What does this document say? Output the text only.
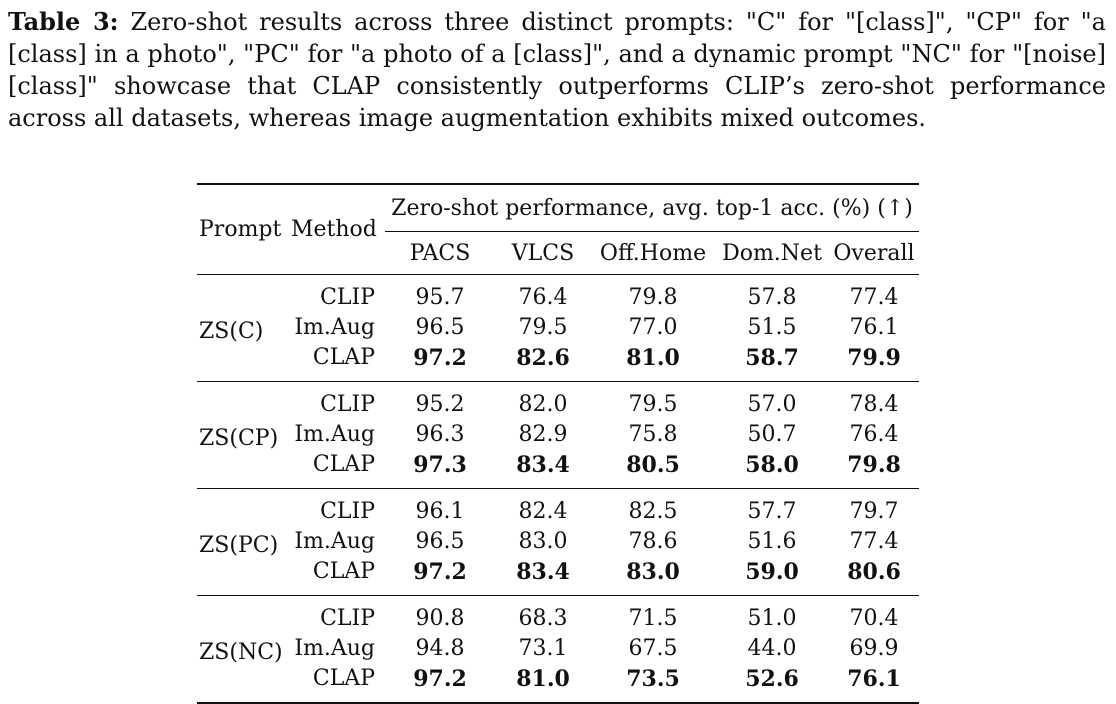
Table 3: Zero-shot results across three distinct prompts: "C" for "[class]", "CP" for "a [class] in a photo", "PC" for "a photo of a [class]", and a dynamic prompt "NC" for "[noise][class]" showcase that CLAP consistently outperforms CLIP’s zero-shot performance across all datasets, whereas image augmentation exhibits mixed outcomes.

Prompt	Method	Zero-shot performance, avg. top-1 acc. (%) (↑)				
		PACS	VLCS	Off.Home	Dom.Net	Overall
ZS(C)	CLIP	95.7	76.4	79.8	57.8	77.4
	Im.Aug	96.5	79.5	77.0	51.5	76.1
	CLAP	97.2	82.6	81.0	58.7	79.9
ZS(CP)	CLIP	95.2	82.0	79.5	57.0	78.4
	Im.Aug	96.3	82.9	75.8	50.7	76.4
	CLAP	97.3	83.4	80.5	58.0	79.8
ZS(PC)	CLIP	96.1	82.4	82.5	57.7	79.7
	Im.Aug	96.5	83.0	78.6	51.6	77.4
	CLAP	97.2	83.4	83.0	59.0	80.6
ZS(NC)	CLIP	90.8	68.3	71.5	51.0	70.4
	Im.Aug	94.8	73.1	67.5	44.0	69.9
	CLAP	97.2	81.0	73.5	52.6	76.1
